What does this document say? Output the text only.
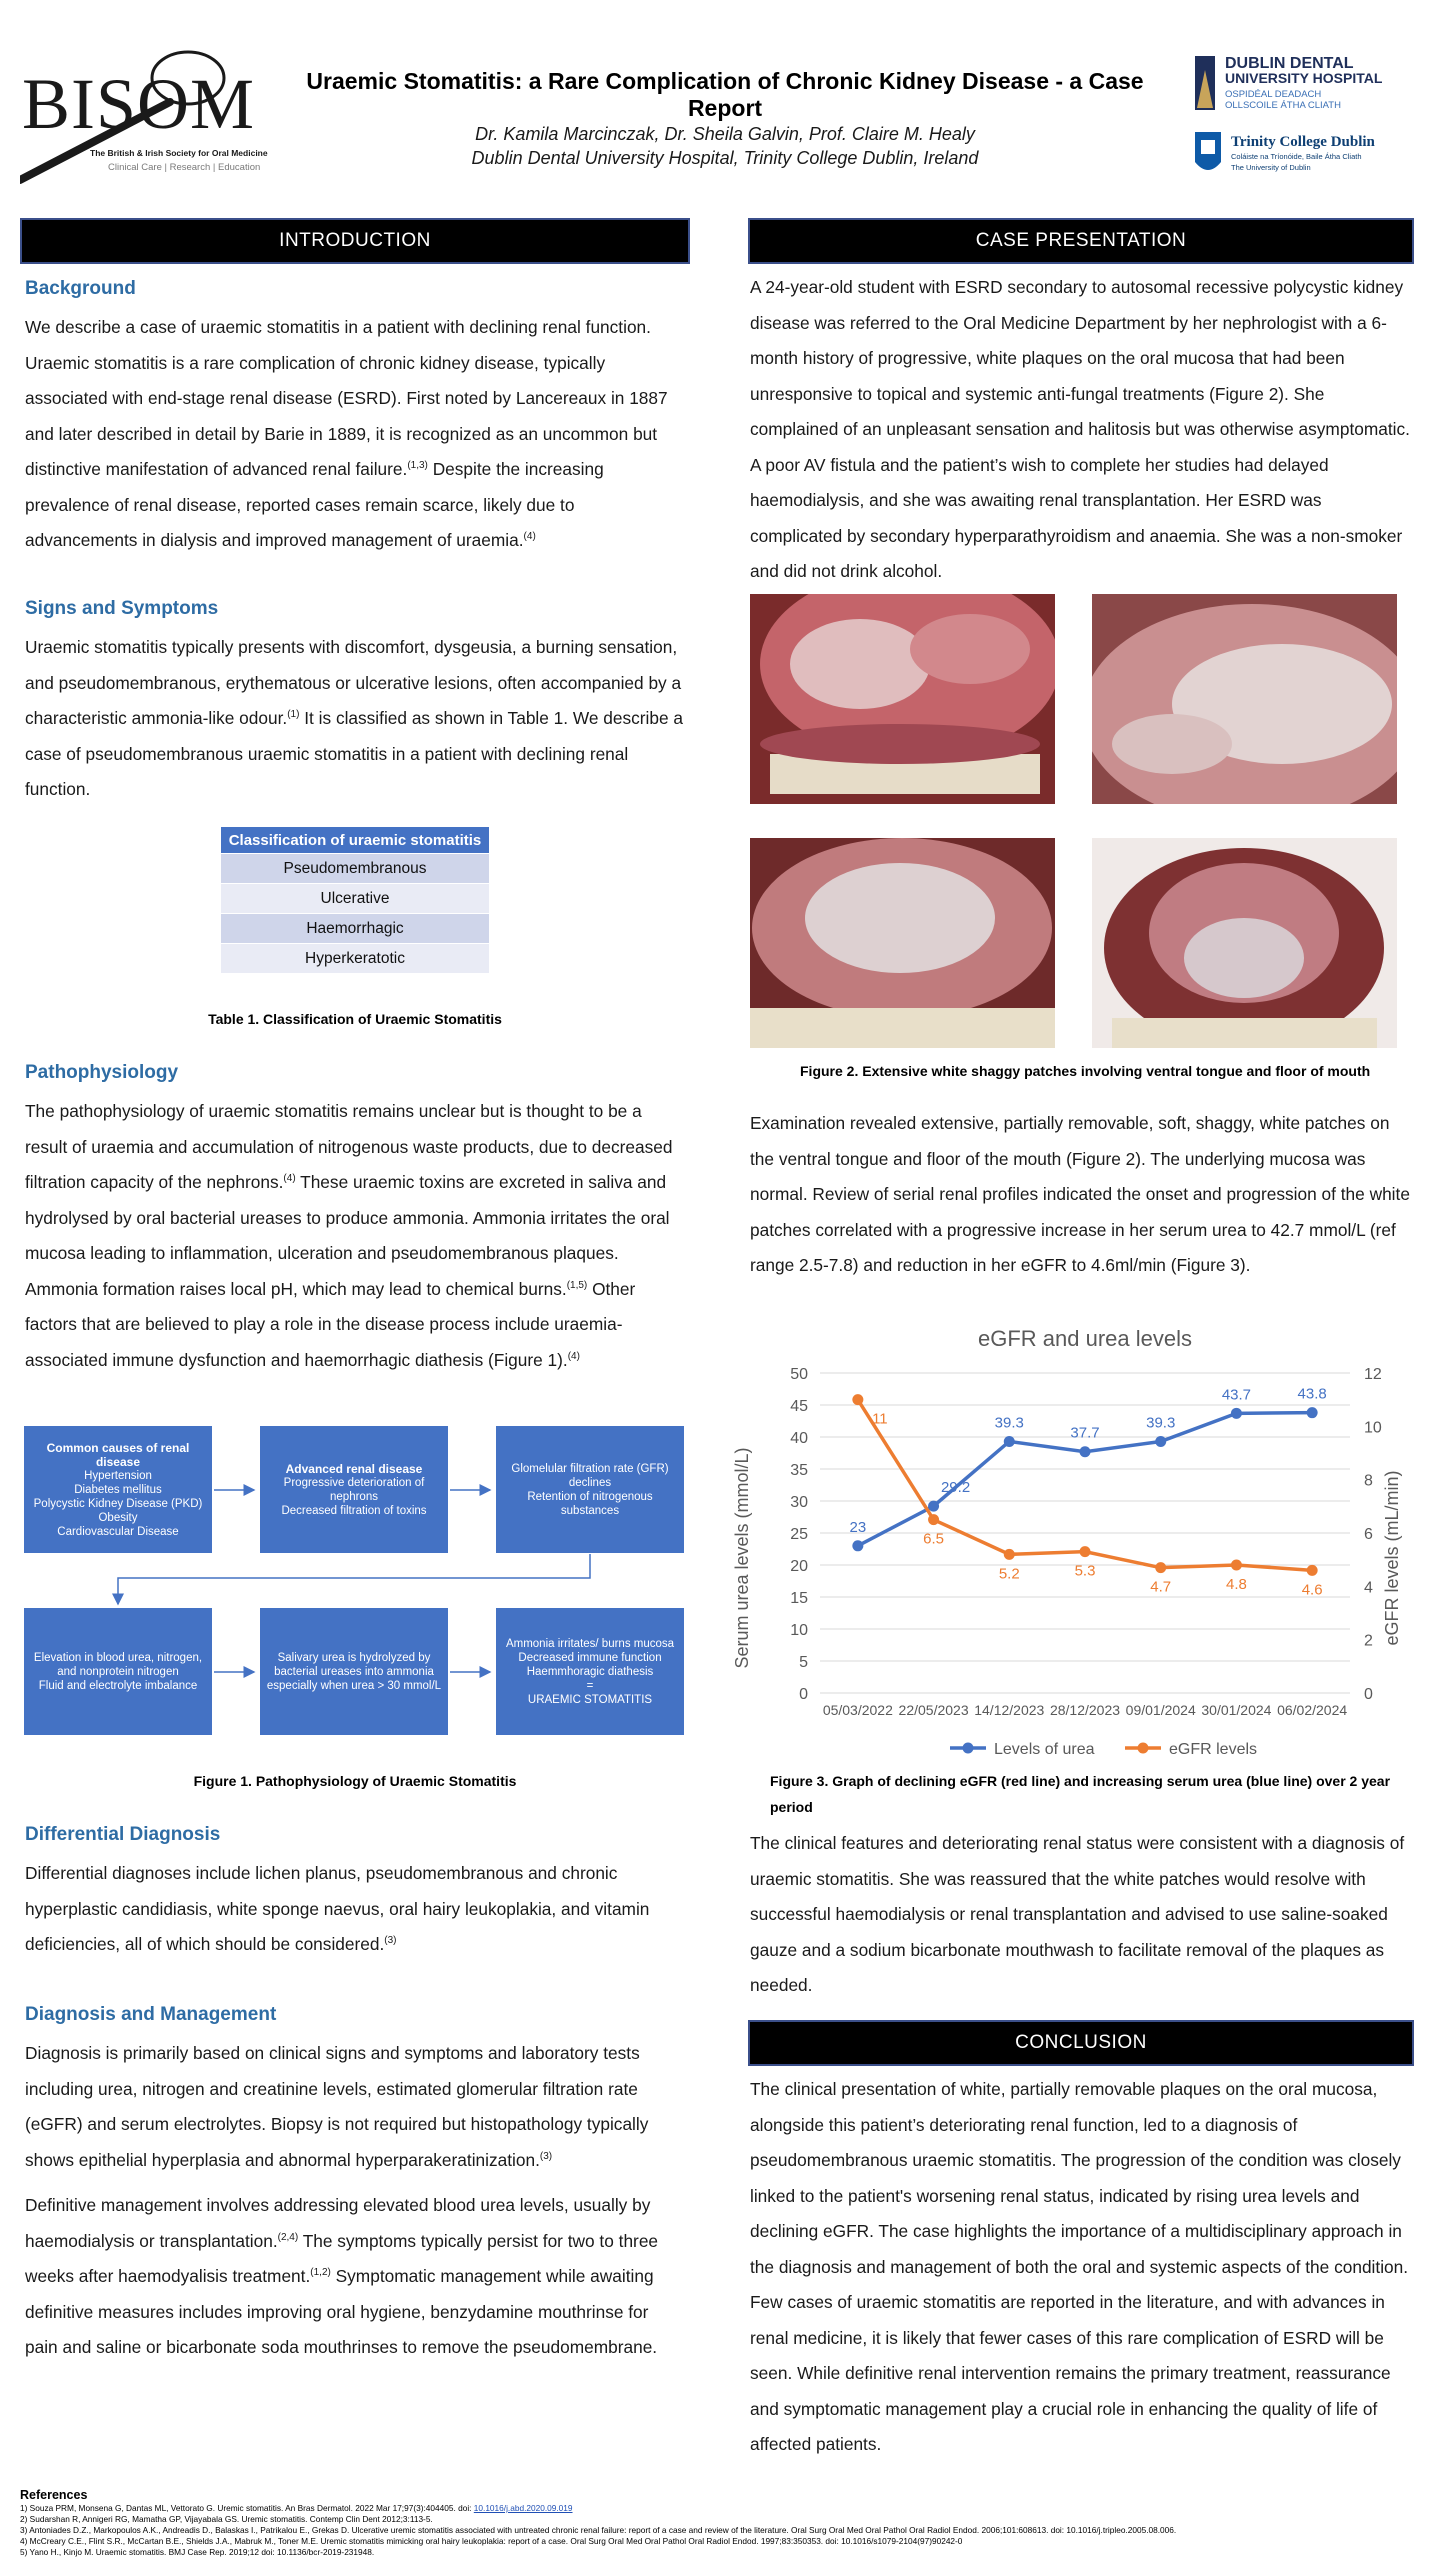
BISOM
The British & Irish Society for Oral Medicine
Clinical Care | Research | Education
Uraemic Stomatitis: a Rare Complication of Chronic Kidney Disease - a Case Report
Dr. Kamila Marcinczak, Dr. Sheila Galvin, Prof. Claire M. Healy
Dublin Dental University Hospital, Trinity College Dublin, Ireland
DUBLIN DENTAL
UNIVERSITY HOSPITAL
OSPIDÉAL DEADACH
OLLSCOILE ÁTHA CLIATH
Trinity College Dublin
Coláiste na Tríonóide, Baile Átha Cliath
The University of Dublin
INTRODUCTION
Background
We describe a case of uraemic stomatitis in a patient with declining renal function. Uraemic stomatitis is a rare complication of chronic kidney disease, typically associated with end-stage renal disease (ESRD). First noted by Lancereaux in 1887 and later described in detail by Barie in 1889, it is recognized as an uncommon but distinctive manifestation of advanced renal failure.$^{(1,3)}$ Despite the increasing prevalence of renal disease, reported cases remain scarce, likely due to advancements in dialysis and improved management of uraemia.$^{(4)}$
Signs and Symptoms
Uraemic stomatitis typically presents with discomfort, dysgeusia, a burning sensation, and pseudomembranous, erythematous or ulcerative lesions, often accompanied by a characteristic ammonia-like odour.$^{(1)}$ It is classified as shown in Table 1. We describe a case of pseudomembranous uraemic stomatitis in a patient with declining renal function.
Classification of uraemic stomatitis
Pseudomembranous
Ulcerative
Haemorrhagic
Hyperkeratotic
Table 1. Classification of Uraemic Stomatitis
Pathophysiology
The pathophysiology of uraemic stomatitis remains unclear but is thought to be a result of uraemia and accumulation of nitrogenous waste products, due to decreased filtration capacity of the nephrons.$^{(4)}$ These uraemic toxins are excreted in saliva and hydrolysed by oral bacterial ureases to produce ammonia. Ammonia irritates the oral mucosa leading to inflammation, ulceration and pseudomembranous plaques. Ammonia formation raises local pH, which may lead to chemical burns.$^{(1,5)}$ Other factors that are believed to play a role in the disease process include uraemia-associated immune dysfunction and haemorrhagic diathesis (Figure 1).$^{(4)}$
Common causes of renal disease
Hypertension
Diabetes mellitus
Polycystic Kidney Disease (PKD)
Obesity
Cardiovascular Disease
Advanced renal disease
Progressive deterioration of nephrons
Decreased filtration of toxins
Glomelular filtration rate (GFR) declines
Retention of nitrogenous substances
Elevation in blood urea, nitrogen, and nonprotein nitrogen
Fluid and electrolyte imbalance
Salivary urea is hydrolyzed by bacterial ureases into ammonia especially when urea > 30 mmol/L
Ammonia irritates/ burns mucosa
Decreased immune function
Haemmhoragic diathesis
=
URAEMIC STOMATITIS
Figure 1. Pathophysiology of Uraemic Stomatitis
Differential Diagnosis
Differential diagnoses include lichen planus, pseudomembranous and chronic hyperplastic candidiasis, white sponge naevus, oral hairy leukoplakia, and vitamin deficiencies, all of which should be considered.$^{(3)}$
Diagnosis and Management
Diagnosis is primarily based on clinical signs and symptoms and laboratory tests including urea, nitrogen and creatinine levels, estimated glomerular filtration rate (eGFR) and serum electrolytes. Biopsy is not required but histopathology typically shows epithelial hyperplasia and abnormal hyperparakeratinization.$^{(3)}$
Definitive management involves addressing elevated blood urea levels, usually by haemodialysis or transplantation.$^{(2,4)}$ The symptoms typically persist for two to three weeks after haemodyalisis treatment.$^{(1,2)}$ Symptomatic management while awaiting definitive measures includes improving oral hygiene, benzydamine mouthrinse for pain and saline or bicarbonate soda mouthrinses to remove the pseudomembrane.
CASE PRESENTATION
A 24-year-old student with ESRD secondary to autosomal recessive polycystic kidney disease was referred to the Oral Medicine Department by her nephrologist with a 6-month history of progressive, white plaques on the oral mucosa that had been unresponsive to topical and systemic anti-fungal treatments (Figure 2). She complained of an unpleasant sensation and halitosis but was otherwise asymptomatic. A poor AV fistula and the patient’s wish to complete her studies had delayed haemodialysis, and she was awaiting renal transplantation. Her ESRD was complicated by secondary hyperparathyroidism and anaemia. She was a non-smoker and did not drink alcohol.
Figure 2. Extensive white shaggy patches involving ventral tongue and floor of mouth
Examination revealed extensive, partially removable, soft, shaggy, white patches on the ventral tongue and floor of the mouth (Figure 2). The underlying mucosa was normal. Review of serial renal profiles indicated the onset and progression of the white patches correlated with a progressive increase in her serum urea to 42.7 mmol/L (ref range 2.5-7.8) and reduction in her eGFR to 4.6ml/min (Figure 3).
eGFR and urea levels
0
5
10
15
20
25
30
35
40
45
50
0
2
4
6
8
10
12
05/03/2022 22/05/2023 14/12/2023 28/12/2023 09/01/2024 30/01/2024 06/02/2024
23
29.2
39.3
37.7
39.3
43.7	43.8
11
6.5
5.2	5.3
4.7	4.8	4.6
Serum urea levels (mmol/L)	eGFR levels (mL/min)
Levels of urea	eGFR levels
Figure 3. Graph of declining eGFR (red line) and increasing serum urea (blue line) over 2 year period
The clinical features and deteriorating renal status were consistent with a diagnosis of uraemic stomatitis. She was reassured that the white patches would resolve with successful haemodialysis or renal transplantation and advised to use saline-soaked gauze and a sodium bicarbonate mouthwash to facilitate removal of the plaques as needed.
CONCLUSION
The clinical presentation of white, partially removable plaques on the oral mucosa, alongside this patient’s deteriorating renal function, led to a diagnosis of pseudomembranous uraemic stomatitis. The progression of the condition was closely linked to the patient's worsening renal status, indicated by rising urea levels and declining eGFR. The case highlights the importance of a multidisciplinary approach in the diagnosis and management of both the oral and systemic aspects of the condition. Few cases of uraemic stomatitis are reported in the literature, and with advances in renal medicine, it is likely that fewer cases of this rare complication of ESRD will be seen. While definitive renal intervention remains the primary treatment, reassurance and symptomatic management play a crucial role in enhancing the quality of life of affected patients.
References
1) Souza PRM, Monsena G, Dantas ML, Vettorato G. Uremic stomatitis. An Bras Dermatol. 2022 Mar 17;97(3):404405. doi: 10.1016/j.abd.2020.09.019
2) Sudarshan R, Annigeri RG, Mamatha GP, Vijayabala GS. Uremic stomatitis. Contemp Clin Dent 2012;3:113-5.
3) Antoniades D.Z., Markopoulos A.K., Andreadis D., Balaskas I., Patrikalou E., Grekas D. Ulcerative uremic stomatitis associated with untreated chronic renal failure: report of a case and review of the literature. Oral Surg Oral Med Oral Pathol Oral Radiol Endod. 2006;101:608613. doi: 10.1016/j.tripleo.2005.08.006.
4) McCreary C.E., Flint S.R., McCartan B.E., Shields J.A., Mabruk M., Toner M.E. Uremic stomatitis mimicking oral hairy leukoplakia: report of a case. Oral Surg Oral Med Oral Pathol Oral Radiol Endod. 1997;83:350353. doi: 10.1016/s1079-2104(97)90242-0
5) Yano H., Kinjo M. Uraemic stomatitis. BMJ Case Rep. 2019;12 doi: 10.1136/bcr-2019-231948.
